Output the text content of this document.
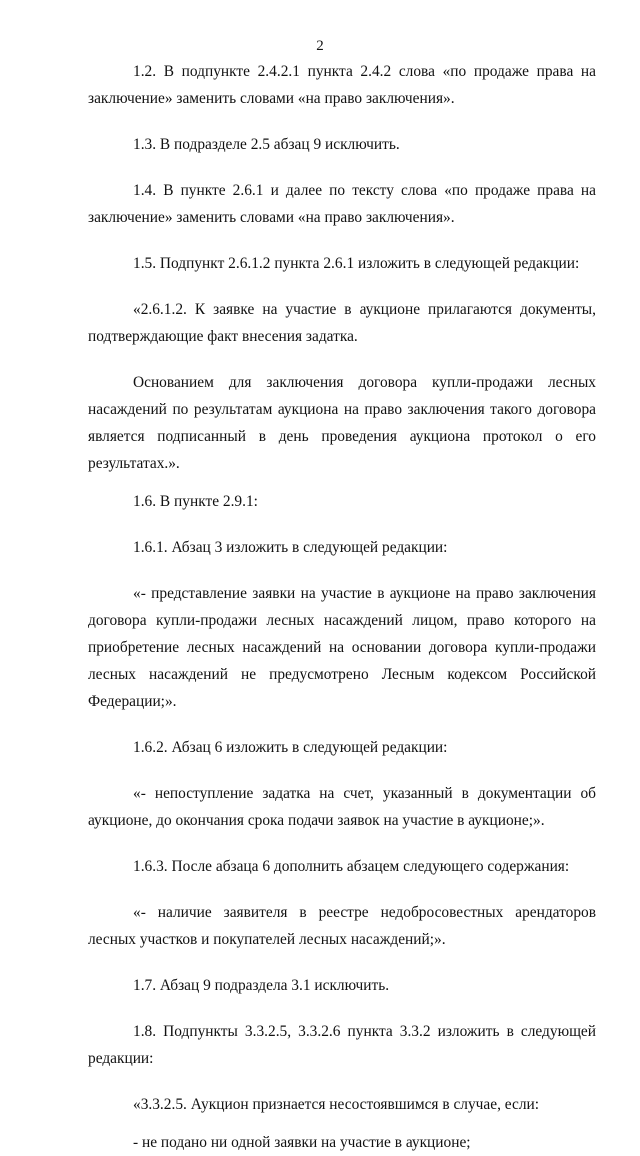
2

1.2. В подпункте 2.4.2.1 пункта 2.4.2 слова «по продаже права на заключение» заменить словами «на право заключения».

1.3. В подразделе 2.5 абзац 9 исключить.

1.4. В пункте 2.6.1 и далее по тексту слова «по продаже права на заключение» заменить словами «на право заключения».

1.5. Подпункт 2.6.1.2 пункта 2.6.1 изложить в следующей редакции:

«2.6.1.2. К заявке на участие в аукционе прилагаются документы, подтверждающие факт внесения задатка.

Основанием для заключения договора купли-продажи лесных насаждений по результатам аукциона на право заключения такого договора является подписанный в день проведения аукциона протокол о его результатах.».

1.6. В пункте 2.9.1:

1.6.1. Абзац 3 изложить в следующей редакции:

«- представление заявки на участие в аукционе на право заключения договора купли-продажи лесных насаждений лицом, право которого на приобретение лесных насаждений на основании договора купли-продажи лесных насаждений не предусмотрено Лесным кодексом Российской Федерации;».

1.6.2. Абзац 6 изложить в следующей редакции:

«- непоступление задатка на счет, указанный в документации об аукционе, до окончания срока подачи заявок на участие в аукционе;».

1.6.3. После абзаца 6 дополнить абзацем следующего содержания:

«- наличие заявителя в реестре недобросовестных арендаторов лесных участков и покупателей лесных насаждений;».

1.7. Абзац 9 подраздела 3.1 исключить.

1.8. Подпункты 3.3.2.5, 3.3.2.6 пункта 3.3.2 изложить в следующей редакции:

«3.3.2.5. Аукцион признается несостоявшимся в случае, если:

- не подано ни одной заявки на участие в аукционе;
